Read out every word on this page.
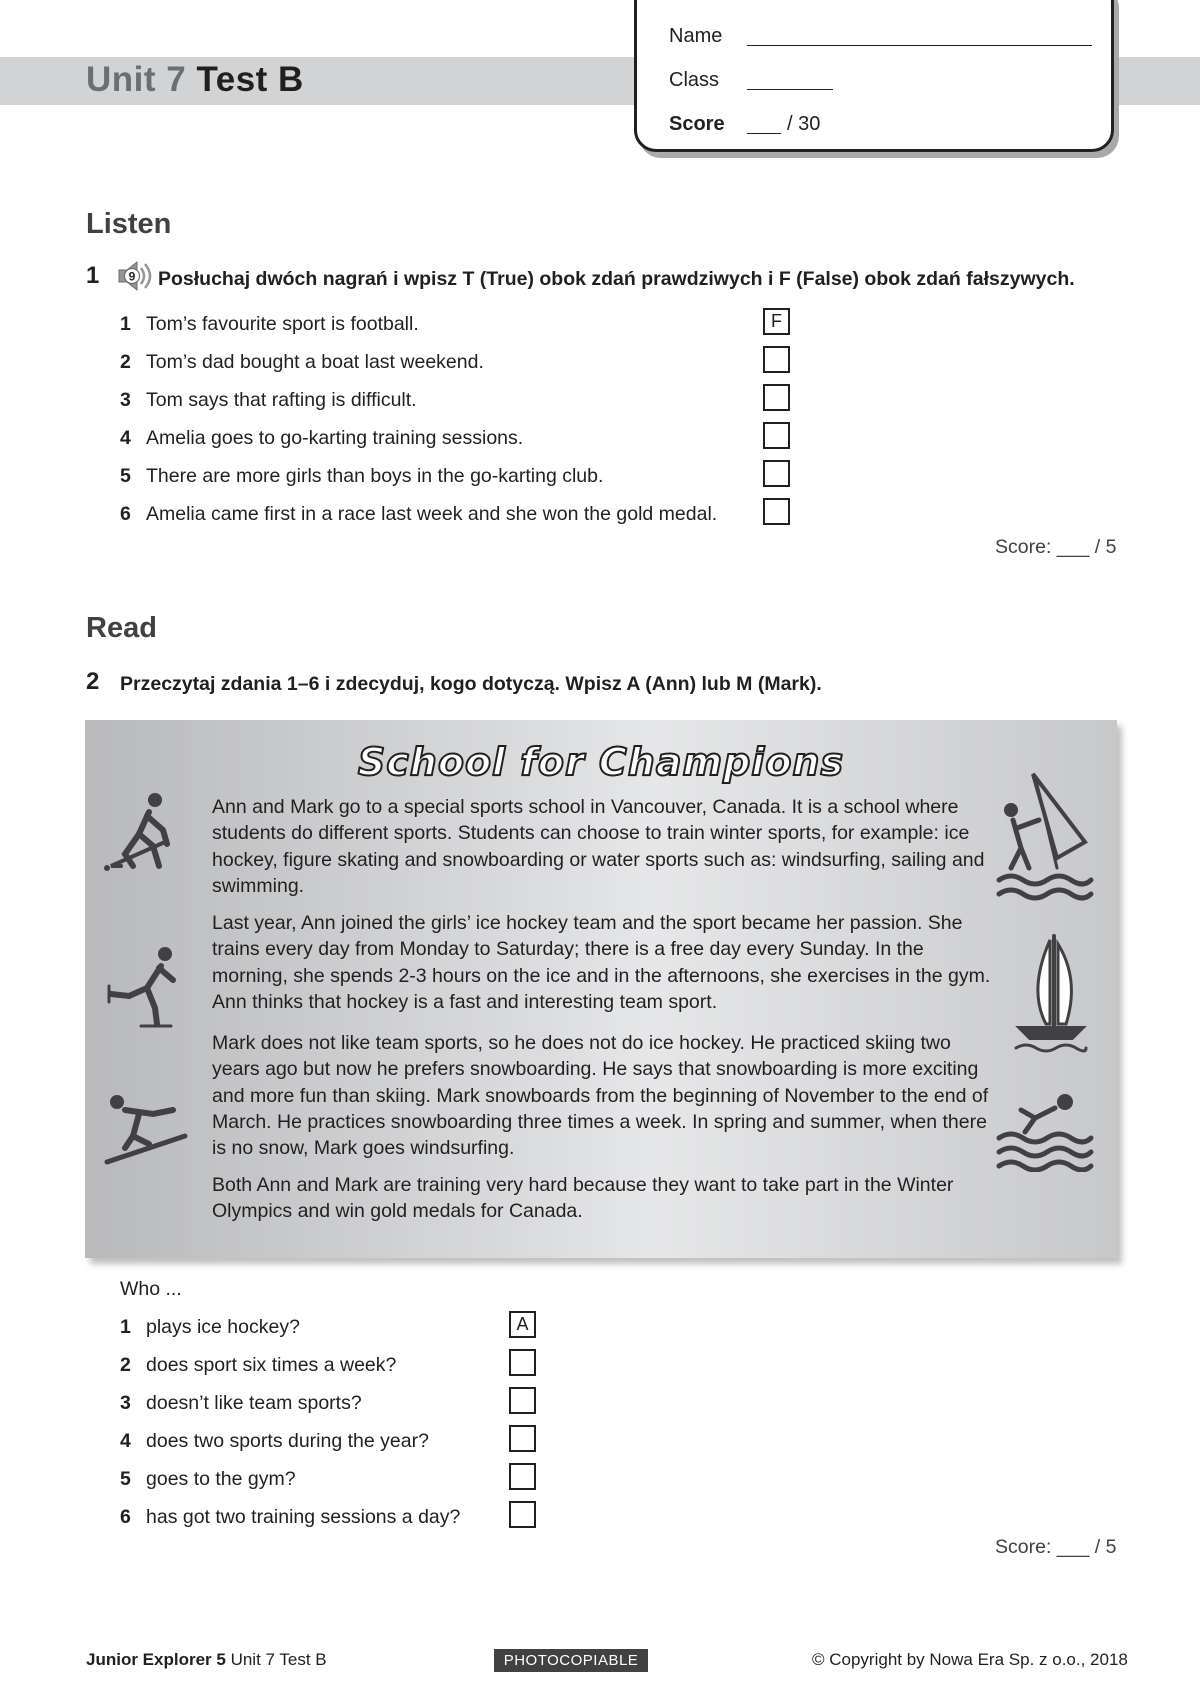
Unit 7 Test B
Name
Class
Score	/ 30
Listen
1 9 Posłuchaj dwóch nagrań i wpisz T (True) obok zdań prawdziwych i F (False) obok zdań fałszywych.
1 Tom’s favourite sport is football.	F
2 Tom’s dad bought a boat last weekend.
3 Tom says that rafting is difficult.
4 Amelia goes to go-karting training sessions.
5 There are more girls than boys in the go-karting club.
6 Amelia came first in a race last week and she won the gold medal.
Score: ___ / 5
Read
2 Przeczytaj zdania 1–6 i zdecyduj, kogo dotyczą. Wpisz A (Ann) lub M (Mark).
School for Champions
Ann and Mark go to a special sports school in Vancouver, Canada. It is a school where students do different sports. Students can choose to train winter sports, for example: ice hockey, figure skating and snowboarding or water sports such as: windsurfing, sailing and swimming.
Last year, Ann joined the girls’ ice hockey team and the sport became her passion. She trains every day from Monday to Saturday; there is a free day every Sunday. In the morning, she spends 2-3 hours on the ice and in the afternoons, she exercises in the gym. Ann thinks that hockey is a fast and interesting team sport.
Mark does not like team sports, so he does not do ice hockey. He practiced skiing two years ago but now he prefers snowboarding. He says that snowboarding is more exciting and more fun than skiing. Mark snowboards from the beginning of November to the end of March. He practices snowboarding three times a week. In spring and summer, when there is no snow, Mark goes windsurfing.
Both Ann and Mark are training very hard because they want to take part in the Winter Olympics and win gold medals for Canada.
Who ...
1 plays ice hockey?	A
2 does sport six times a week?
3 doesn’t like team sports?
4 does two sports during the year?
5 goes to the gym?
6 has got two training sessions a day?
Score: ___ / 5
Junior Explorer 5 Unit 7 Test B	PHOTOCOPIABLE	© Copyright by Nowa Era Sp. z o.o., 2018
